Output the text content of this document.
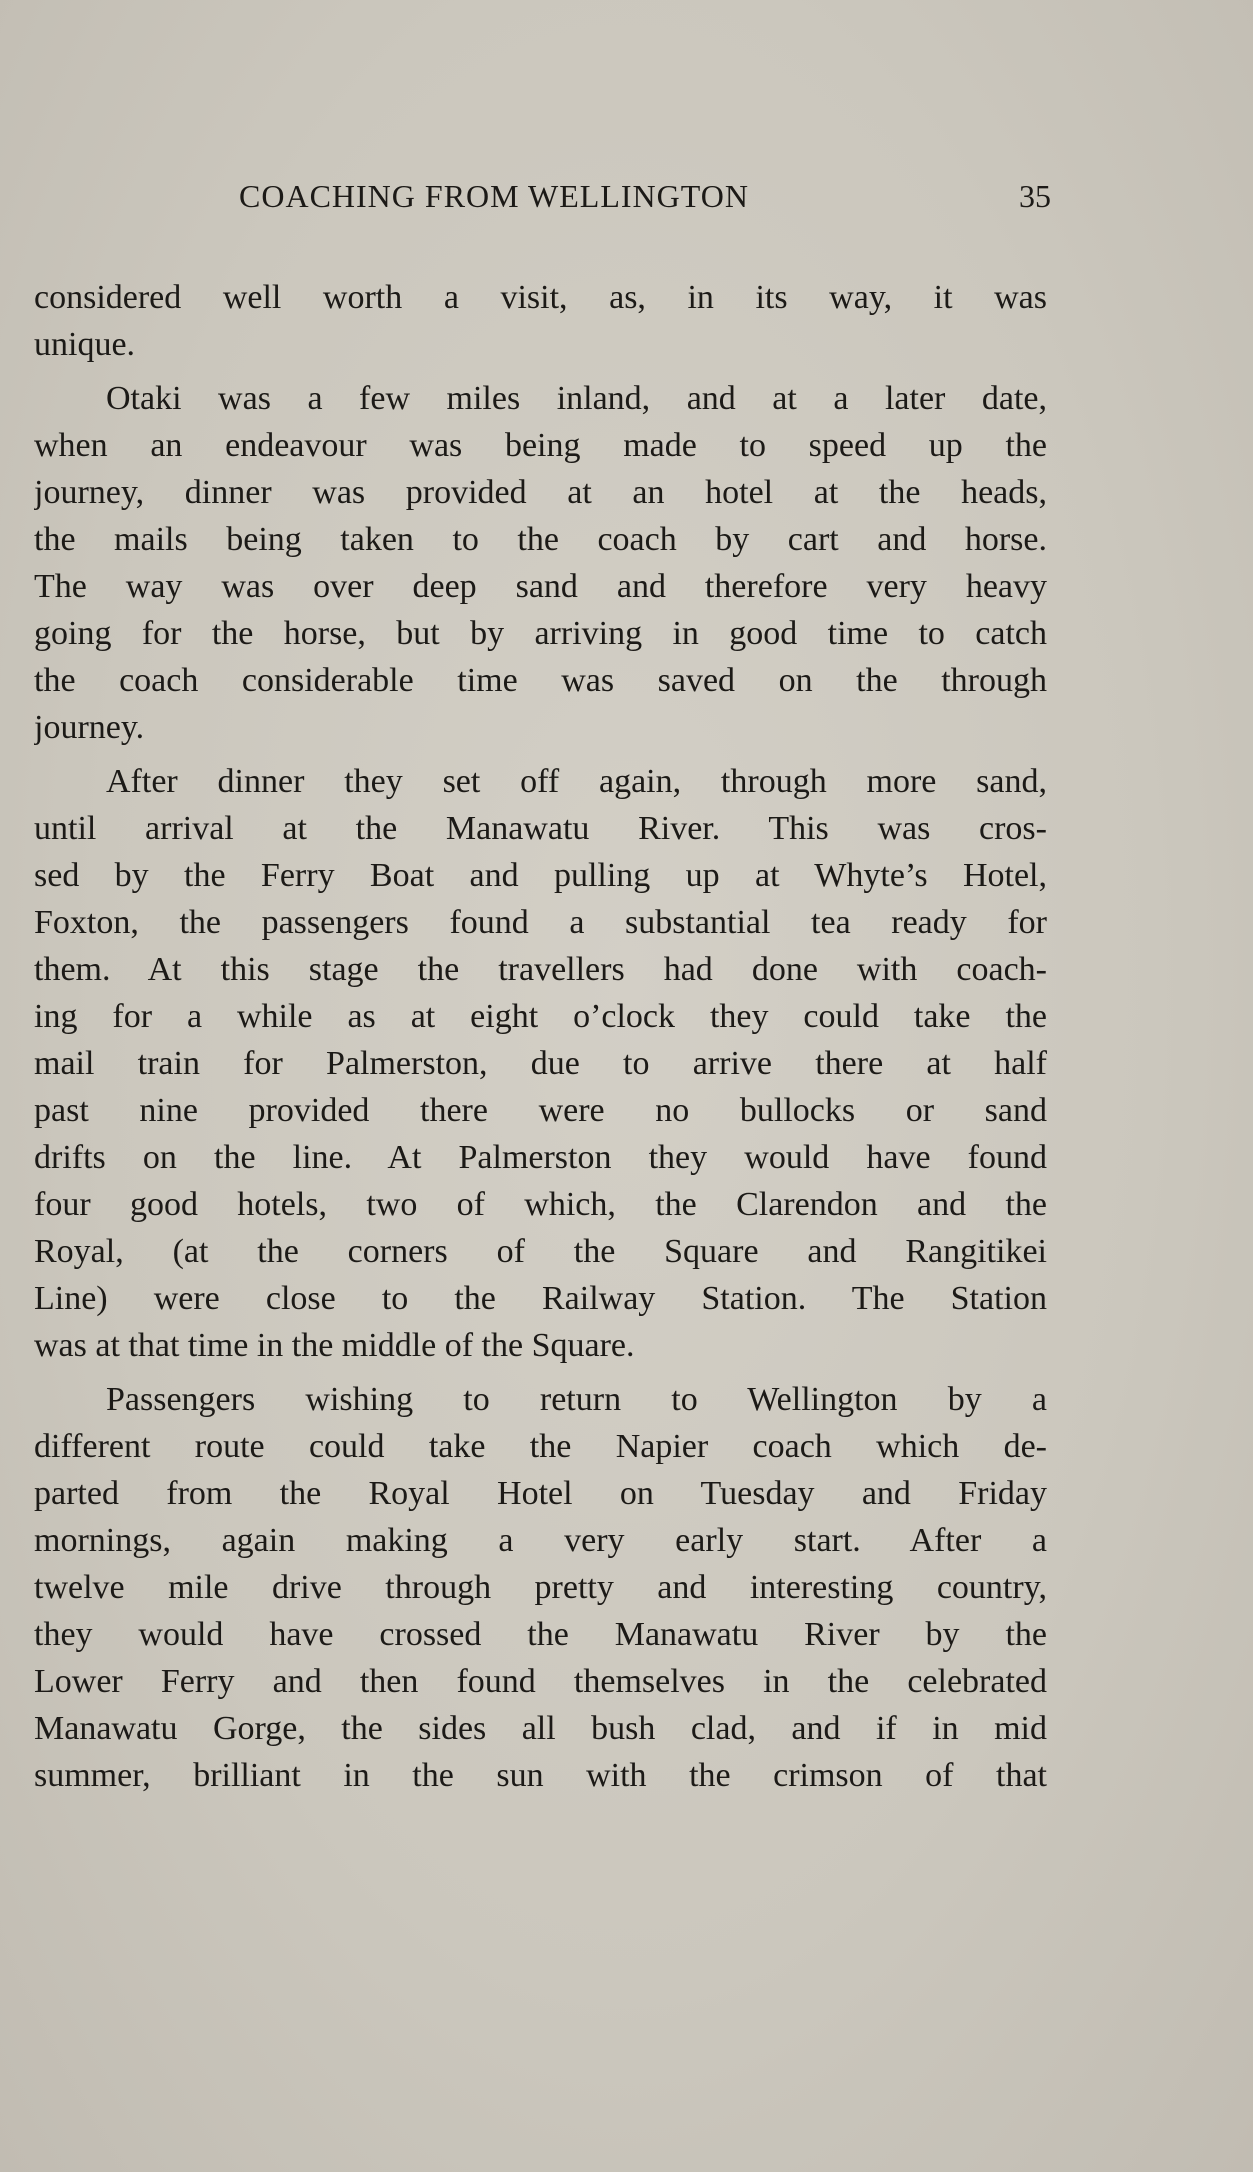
COACHING FROM WELLINGTON	35
considered well worth a visit, as, in its way, it was
unique.
Otaki was a few miles inland, and at a later date,
when an endeavour was being made to speed up the
journey, dinner was provided at an hotel at the heads,
the mails being taken to the coach by cart and horse.
The way was over deep sand and therefore very heavy
going for the horse, but by arriving in good time to catch
the coach considerable time was saved on the through
journey.
After dinner they set off again, through more sand,
until arrival at the Manawatu River. This was cros-
sed by the Ferry Boat and pulling up at Whyte’s Hotel,
Foxton, the passengers found a substantial tea ready for
them. At this stage the travellers had done with coach-
ing for a while as at eight o’clock they could take the
mail train for Palmerston, due to arrive there at half
past nine provided there were no bullocks or sand
drifts on the line. At Palmerston they would have found
four good hotels, two of which, the Clarendon and the
Royal, (at the corners of the Square and Rangitikei
Line) were close to the Railway Station. The Station
was at that time in the middle of the Square.
Passengers wishing to return to Wellington by a
different route could take the Napier coach which de-
parted from the Royal Hotel on Tuesday and Friday
mornings, again making a very early start. After a
twelve mile drive through pretty and interesting country,
they would have crossed the Manawatu River by the
Lower Ferry and then found themselves in the celebrated
Manawatu Gorge, the sides all bush clad, and if in mid
summer, brilliant in the sun with the crimson of that
